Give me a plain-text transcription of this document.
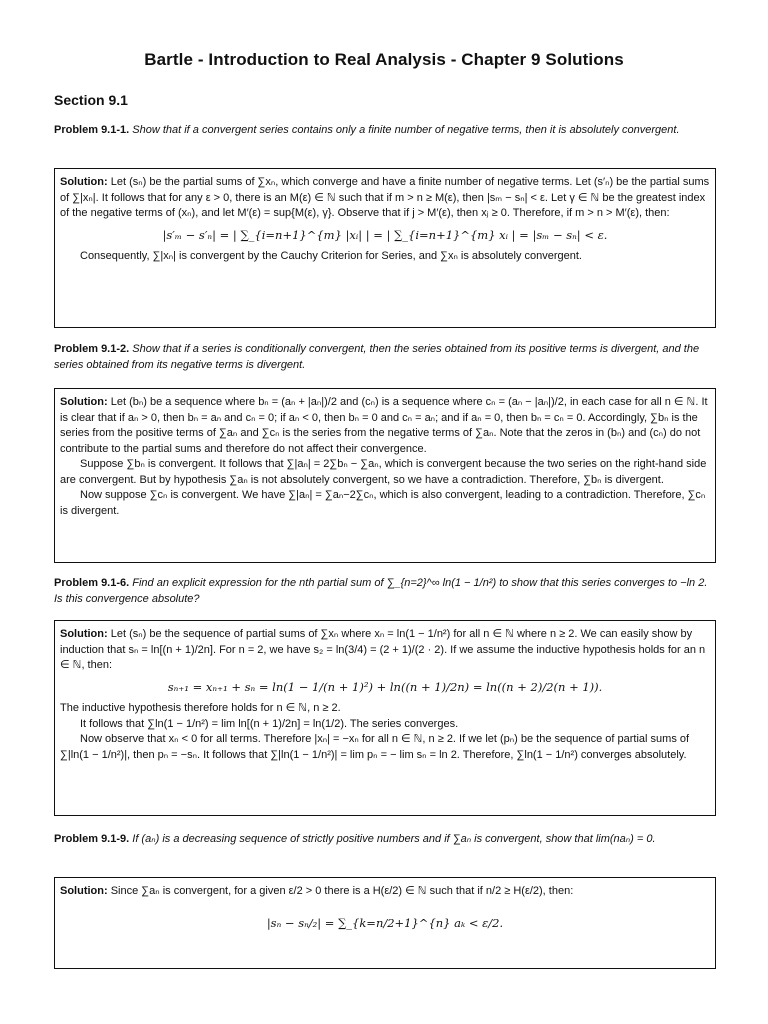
Bartle - Introduction to Real Analysis - Chapter 9 Solutions
Section 9.1
Problem 9.1-1. Show that if a convergent series contains only a finite number of negative terms, then it is absolutely convergent.

Solution: Let (sₙ) be the partial sums of ∑xₙ, which converge and have a finite number of negative terms. Let (s′ₙ) be the partial sums of ∑|xₙ|. It follows that for any ε > 0, there is an M(ε) ∈ ℕ such that if m > n ≥ M(ε), then |sₘ − sₙ| < ε. Let γ ∈ ℕ be the greatest index of the negative terms of (xₙ), and let M′(ε) = sup{M(ε), γ}. Observe that if j > M′(ε), then xⱼ ≥ 0. Therefore, if m > n > M′(ε), then:

|s′ₘ − s′ₙ| = | ∑_{i=n+1}^{m} |xᵢ| | = | ∑_{i=n+1}^{m} xᵢ | = |sₘ − sₙ| < ε.

Consequently, ∑|xₙ| is convergent by the Cauchy Criterion for Series, and ∑xₙ is absolutely convergent.

Problem 9.1-2. Show that if a series is conditionally convergent, then the series obtained from its positive terms is divergent, and the series obtained from its negative terms is divergent.

Solution: Let (bₙ) be a sequence where bₙ = (aₙ + |aₙ|)/2 and (cₙ) is a sequence where cₙ = (aₙ − |aₙ|)/2, in each case for all n ∈ ℕ. It is clear that if aₙ > 0, then bₙ = aₙ and cₙ = 0; if aₙ < 0, then bₙ = 0 and cₙ = aₙ; and if aₙ = 0, then bₙ = cₙ = 0. Accordingly, ∑bₙ is the series from the positive terms of ∑aₙ and ∑cₙ is the series from the negative terms of ∑aₙ. Note that the zeros in (bₙ) and (cₙ) do not contribute to the partial sums and therefore do not affect their convergence.

Suppose ∑bₙ is convergent. It follows that ∑|aₙ| = 2∑bₙ − ∑aₙ, which is convergent because the two series on the right-hand side are convergent. But by hypothesis ∑aₙ is not absolutely convergent, so we have a contradiction. Therefore, ∑bₙ is divergent.

Now suppose ∑cₙ is convergent. We have ∑|aₙ| = ∑aₙ−2∑cₙ, which is also convergent, leading to a contradiction. Therefore, ∑cₙ is divergent.

Problem 9.1-6. Find an explicit expression for the nth partial sum of ∑_{n=2}^∞ ln(1 − 1/n²) to show that this series converges to −ln 2. Is this convergence absolute?

Solution: Let (sₙ) be the sequence of partial sums of ∑xₙ where xₙ = ln(1 − 1/n²) for all n ∈ ℕ where n ≥ 2. We can easily show by induction that sₙ = ln[(n + 1)/2n]. For n = 2, we have s₂ = ln(3/4) = (2 + 1)/(2 · 2). If we assume the inductive hypothesis holds for an n ∈ ℕ, then:

sₙ₊₁ = xₙ₊₁ + sₙ = ln(1 − 1/(n + 1)²) + ln((n + 1)/2n) = ln((n + 2)/2(n + 1)).

The inductive hypothesis therefore holds for n ∈ ℕ, n ≥ 2.

It follows that ∑ln(1 − 1/n²) = lim ln[(n + 1)/2n] = ln(1/2). The series converges.

Now observe that xₙ < 0 for all terms. Therefore |xₙ| = −xₙ for all n ∈ ℕ, n ≥ 2. If we let (pₙ) be the sequence of partial sums of ∑|ln(1 − 1/n²)|, then pₙ = −sₙ. It follows that ∑|ln(1 − 1/n²)| = lim pₙ = − lim sₙ = ln 2. Therefore, ∑ln(1 − 1/n²) converges absolutely.

Problem 9.1-9. If (aₙ) is a decreasing sequence of strictly positive numbers and if ∑aₙ is convergent, show that lim(naₙ) = 0.

Solution: Since ∑aₙ is convergent, for a given ε/2 > 0 there is a H(ε/2) ∈ ℕ such that if n/2 ≥ H(ε/2), then:

|sₙ − sₙ/₂| = ∑_{k=n/2+1}^{n} aₖ < ε/2.
